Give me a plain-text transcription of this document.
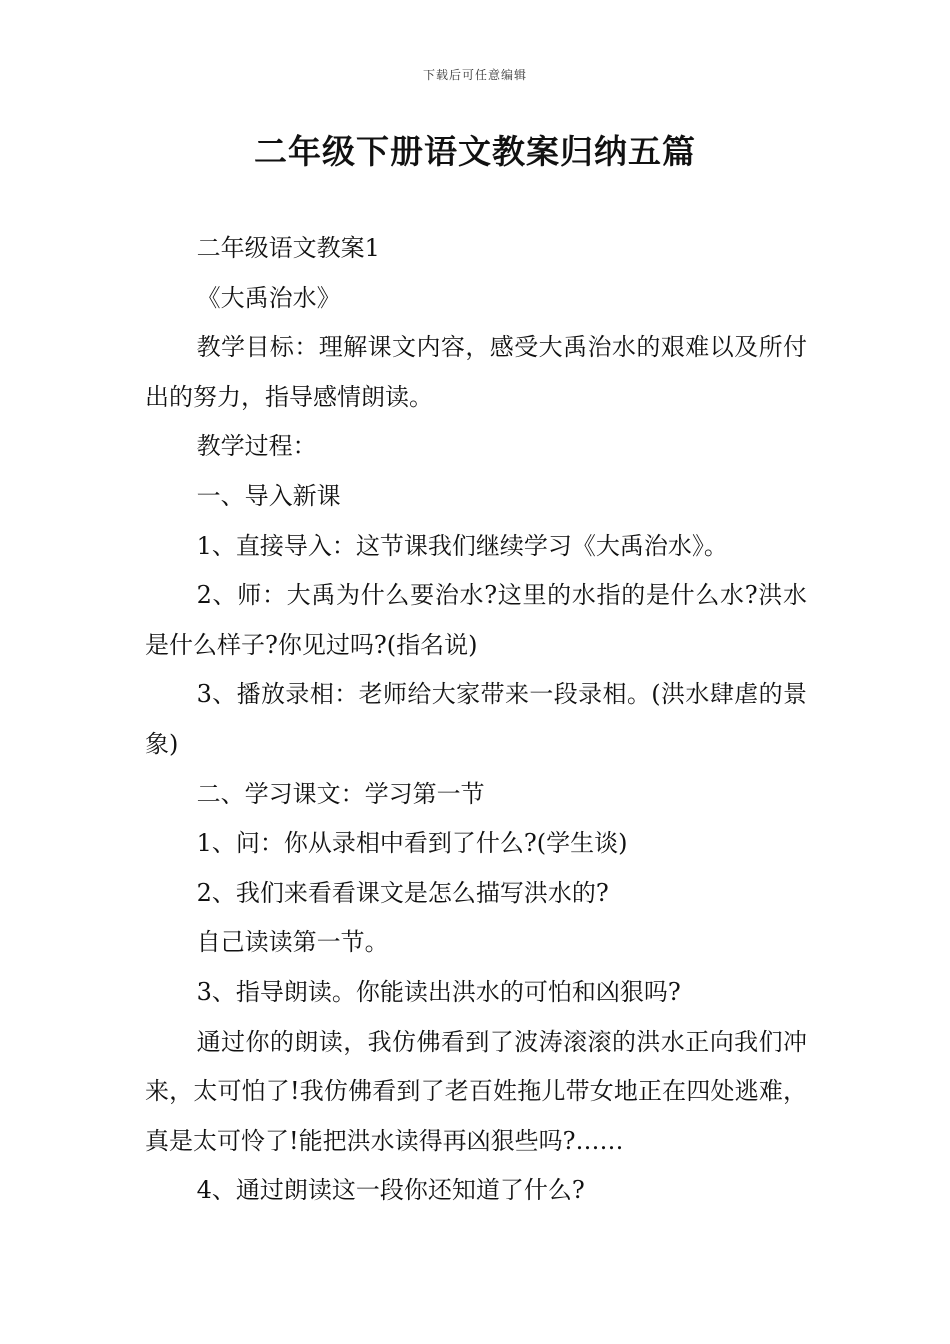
下载后可任意编辑
二年级下册语文教案归纳五篇

二年级语文教案1

《大禹治水》

教学目标：理解课文内容，感受大禹治水的艰难以及所付出的努力，指导感情朗读。

教学过程：

一、导入新课

1、直接导入：这节课我们继续学习《大禹治水》。

2、师：大禹为什么要治水?这里的水指的是什么水?洪水是什么样子?你见过吗?(指名说)

3、播放录相：老师给大家带来一段录相。(洪水肆虐的景象)

二、学习课文：学习第一节

1、问：你从录相中看到了什么?(学生谈)

2、我们来看看课文是怎么描写洪水的?

自己读读第一节。

3、指导朗读。你能读出洪水的可怕和凶狠吗?

通过你的朗读，我仿佛看到了波涛滚滚的洪水正向我们冲来，太可怕了!我仿佛看到了老百姓拖儿带女地正在四处逃难，真是太可怜了!能把洪水读得再凶狠些吗?……

4、通过朗读这一段你还知道了什么?
